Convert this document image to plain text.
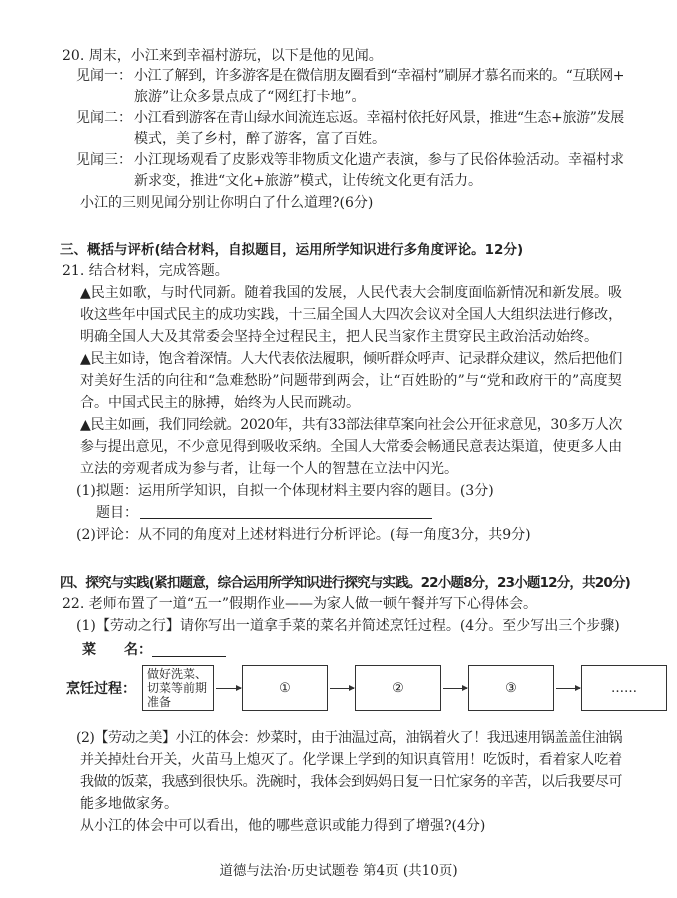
20. 周末，小江来到幸福村游玩，以下是他的见闻。
见闻一： 小江了解到，许多游客是在微信朋友圈看到“幸福村”刷屏才慕名而来的。“互联网+
旅游”让众多景点成了“网红打卡地”。
见闻二： 小江看到游客在青山绿水间流连忘返。幸福村依托好风景，推进“生态+旅游”发展
模式，美了乡村，醉了游客，富了百姓。
见闻三： 小江现场观看了皮影戏等非物质文化遗产表演，参与了民俗体验活动。幸福村求
新求变，推进“文化+旅游”模式，让传统文化更有活力。
小江的三则见闻分别让你明白了什么道理?(6分)
三、概括与评析(结合材料，自拟题目，运用所学知识进行多角度评论。12分)
21. 结合材料，完成答题。
▲民主如歌，与时代同新。随着我国的发展，人民代表大会制度面临新情况和新发展。吸
收这些年中国式民主的成功实践，十三届全国人大四次会议对全国人大组织法进行修改，
明确全国人大及其常委会坚持全过程民主，把人民当家作主贯穿民主政治活动始终。
▲民主如诗，饱含着深情。人大代表依法履职，倾听群众呼声、记录群众建议，然后把他们
对美好生活的向往和“急难愁盼”问题带到两会，让“百姓盼的”与“党和政府干的”高度契
合。中国式民主的脉搏，始终为人民而跳动。
▲民主如画，我们同绘就。2020年，共有33部法律草案向社会公开征求意见，30多万人次
参与提出意见，不少意见得到吸收采纳。全国人大常委会畅通民意表达渠道，使更多人由
立法的旁观者成为参与者，让每一个人的智慧在立法中闪光。
(1)拟题：运用所学知识，自拟一个体现材料主要内容的题目。(3分)
题目：
(2)评论：从不同的角度对上述材料进行分析评论。(每一角度3分，共9分)
四、探究与实践(紧扣题意，综合运用所学知识进行探究与实践。22小题8分，23小题12分，共20分)
22. 老师布置了一道“五一”假期作业——为家人做一顿午餐并写下心得体会。
(1)【劳动之行】请你写出一道拿手菜的菜名并简述烹饪过程。(4分。至少写出三个步骤)
菜　　名：
烹饪过程：
做好洗菜、切菜等前期准备
①	②	③	……
(2)【劳动之美】小江的体会：炒菜时，由于油温过高，油锅着火了！我迅速用锅盖盖住油锅
并关掉灶台开关，火苗马上熄灭了。化学课上学到的知识真管用！吃饭时，看着家人吃着
我做的饭菜，我感到很快乐。洗碗时，我体会到妈妈日复一日忙家务的辛苦，以后我要尽可
能多地做家务。
从小江的体会中可以看出，他的哪些意识或能力得到了增强?(4分)
道德与法治·历史试题卷 第4页 (共10页)
